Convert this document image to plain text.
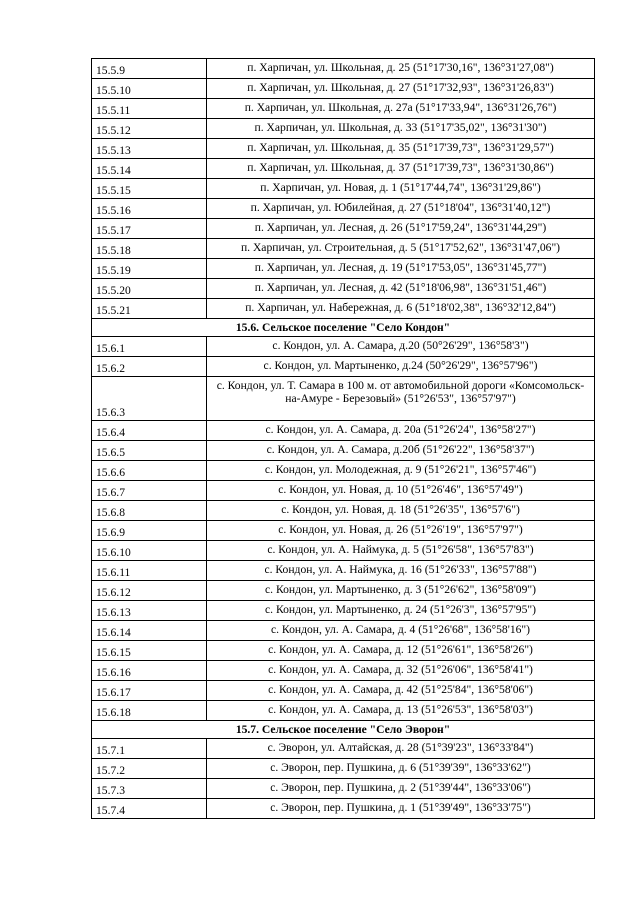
15.5.9	п. Харпичан, ул. Школьная, д. 25 (51°17'30,16", 136°31'27,08")
15.5.10	п. Харпичан, ул. Школьная, д. 27 (51°17'32,93", 136°31'26,83")
15.5.11	п. Харпичан, ул. Школьная, д. 27а (51°17'33,94", 136°31'26,76")
15.5.12	п. Харпичан, ул. Школьная, д. 33 (51°17'35,02", 136°31'30")
15.5.13	п. Харпичан, ул. Школьная, д. 35 (51°17'39,73", 136°31'29,57")
15.5.14	п. Харпичан, ул. Школьная, д. 37 (51°17'39,73", 136°31'30,86")
15.5.15	п. Харпичан, ул. Новая, д. 1 (51°17'44,74", 136°31'29,86")
15.5.16	п. Харпичан, ул. Юбилейная, д. 27 (51°18'04", 136°31'40,12")
15.5.17	п. Харпичан, ул. Лесная, д. 26 (51°17'59,24", 136°31'44,29")
15.5.18	п. Харпичан, ул. Строительная, д. 5 (51°17'52,62", 136°31'47,06")
15.5.19	п. Харпичан, ул. Лесная, д. 19 (51°17'53,05", 136°31'45,77")
15.5.20	п. Харпичан, ул. Лесная, д. 42 (51°18'06,98", 136°31'51,46")
15.5.21	п. Харпичан, ул. Набережная, д. 6 (51°18'02,38", 136°32'12,84")
15.6. Сельское поселение "Село Кондон"	
15.6.1	с. Кондон, ул. А. Самара, д.20 (50°26'29", 136°58'3")
15.6.2	с. Кондон, ул. Мартыненко, д.24 (50°26'29", 136°57'96")
15.6.3	с. Кондон, ул. Т. Самара в 100 м. от автомобильной дороги «Комсомольск-на-Амуре - Березовый» (51°26'53", 136°57'97")
15.6.4	с. Кондон, ул. А. Самара, д. 20а (51°26'24", 136°58'27")
15.6.5	с. Кондон, ул. А. Самара, д.20б (51°26'22", 136°58'37")
15.6.6	с. Кондон, ул. Молодежная, д. 9 (51°26'21", 136°57'46")
15.6.7	с. Кондон, ул. Новая, д. 10 (51°26'46", 136°57'49")
15.6.8	с. Кондон, ул. Новая, д. 18 (51°26'35", 136°57'6")
15.6.9	с. Кондон, ул. Новая, д. 26 (51°26'19", 136°57'97")
15.6.10	с. Кондон, ул. А. Наймука, д. 5 (51°26'58", 136°57'83")
15.6.11	с. Кондон, ул. А. Наймука, д. 16 (51°26'33", 136°57'88")
15.6.12	с. Кондон, ул. Мартыненко, д. 3 (51°26'62", 136°58'09")
15.6.13	с. Кондон, ул. Мартыненко, д. 24 (51°26'3", 136°57'95")
15.6.14	с. Кондон, ул. А. Самара, д. 4 (51°26'68", 136°58'16")
15.6.15	с. Кондон, ул. А. Самара, д. 12 (51°26'61", 136°58'26")
15.6.16	с. Кондон, ул. А. Самара, д. 32 (51°26'06", 136°58'41")
15.6.17	с. Кондон, ул. А. Самара, д. 42 (51°25'84", 136°58'06")
15.6.18	с. Кондон, ул. А. Самара, д. 13 (51°26'53", 136°58'03")
15.7. Сельское поселение "Село Эворон"	
15.7.1	с. Эворон, ул. Алтайская, д. 28 (51°39'23", 136°33'84")
15.7.2	с. Эворон, пер. Пушкина, д. 6 (51°39'39", 136°33'62")
15.7.3	с. Эворон, пер. Пушкина, д. 2 (51°39'44", 136°33'06")
15.7.4	с. Эворон, пер. Пушкина, д. 1 (51°39'49", 136°33'75")
